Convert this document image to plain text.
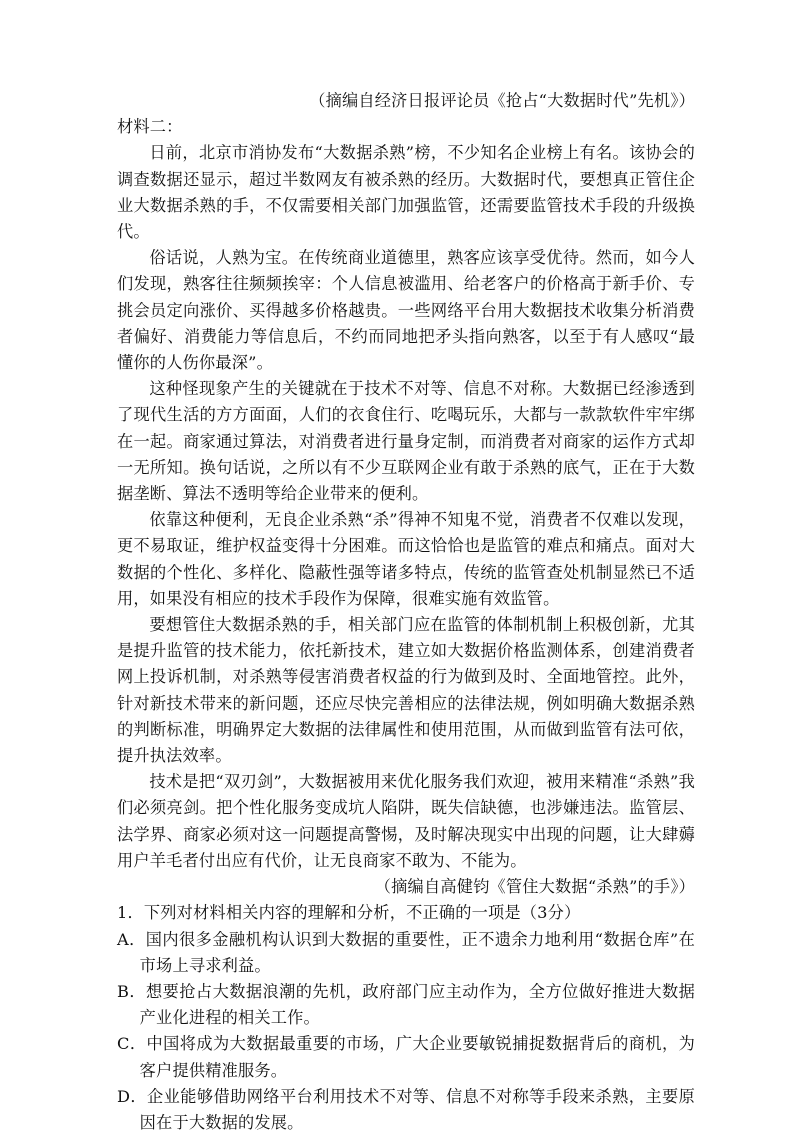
（摘编自经济日报评论员《抢占“大数据时代”先机》）

材料二：

日前，北京市消协发布“大数据杀熟”榜，不少知名企业榜上有名。该协会的调查数据还显示，超过半数网友有被杀熟的经历。大数据时代，要想真正管住企业大数据杀熟的手，不仅需要相关部门加强监管，还需要监管技术手段的升级换代。

俗话说，人熟为宝。在传统商业道德里，熟客应该享受优待。然而，如今人们发现，熟客往往频频挨宰：个人信息被滥用、给老客户的价格高于新手价、专挑会员定向涨价、买得越多价格越贵。一些网络平台用大数据技术收集分析消费者偏好、消费能力等信息后，不约而同地把矛头指向熟客，以至于有人感叹“最懂你的人伤你最深”。

这种怪现象产生的关键就在于技术不对等、信息不对称。大数据已经渗透到了现代生活的方方面面，人们的衣食住行、吃喝玩乐，大都与一款款软件牢牢绑在一起。商家通过算法，对消费者进行量身定制，而消费者对商家的运作方式却一无所知。换句话说，之所以有不少互联网企业有敢于杀熟的底气，正在于大数据垄断、算法不透明等给企业带来的便利。

依靠这种便利，无良企业杀熟“杀”得神不知鬼不觉，消费者不仅难以发现，更不易取证，维护权益变得十分困难。而这恰恰也是监管的难点和痛点。面对大数据的个性化、多样化、隐蔽性强等诸多特点，传统的监管查处机制显然已不适用，如果没有相应的技术手段作为保障，很难实施有效监管。

要想管住大数据杀熟的手，相关部门应在监管的体制机制上积极创新，尤其是提升监管的技术能力，依托新技术，建立如大数据价格监测体系，创建消费者网上投诉机制，对杀熟等侵害消费者权益的行为做到及时、全面地管控。此外，针对新技术带来的新问题，还应尽快完善相应的法律法规，例如明确大数据杀熟的判断标准，明确界定大数据的法律属性和使用范围，从而做到监管有法可依，提升执法效率。

技术是把“双刃剑”，大数据被用来优化服务我们欢迎，被用来精准“杀熟”我们必须亮剑。把个性化服务变成坑人陷阱，既失信缺德，也涉嫌违法。监管层、法学界、商家必须对这一问题提高警惕，及时解决现实中出现的问题，让大肆薅用户羊毛者付出应有代价，让无良商家不敢为、不能为。

（摘编自高健钧《管住大数据“杀熟”的手》）

1．下列对材料相关内容的理解和分析，不正确的一项是（3分）

A．国内很多金融机构认识到大数据的重要性，正不遗余力地利用“数据仓库”在市场上寻求利益。

B．想要抢占大数据浪潮的先机，政府部门应主动作为，全方位做好推进大数据产业化进程的相关工作。

C．中国将成为大数据最重要的市场，广大企业要敏锐捕捉数据背后的商机，为客户提供精准服务。

D．企业能够借助网络平台利用技术不对等、信息不对称等手段来杀熟，主要原因在于大数据的发展。
